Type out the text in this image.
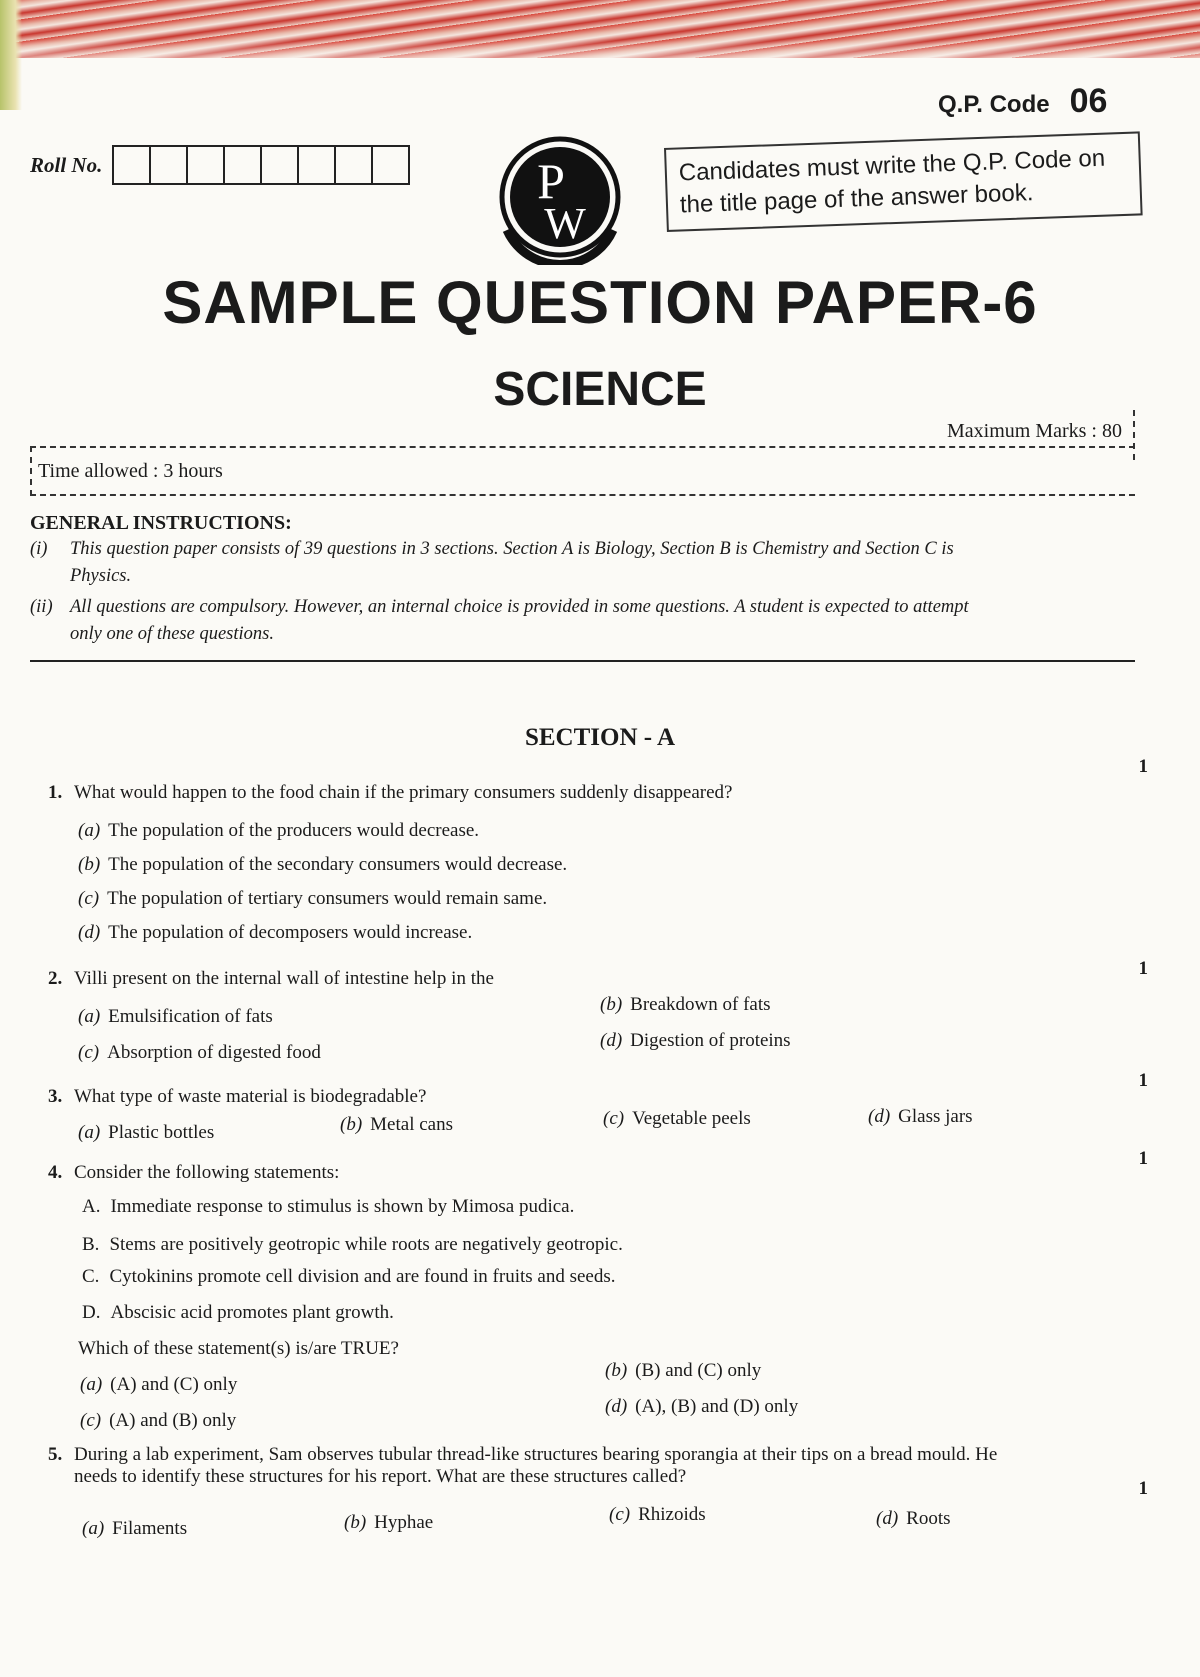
Q.P. Code 06
Roll No.	P
W
Candidates must write the Q.P. Code on the title page of the answer book.
SAMPLE QUESTION PAPER-6
SCIENCE
Time allowed : 3 hours
Maximum Marks : 80
GENERAL INSTRUCTIONS:
(i) This question paper consists of 39 questions in 3 sections. Section A is Biology, Section B is Chemistry and Section C is
Physics.
(ii) All questions are compulsory. However, an internal choice is provided in some questions. A student is expected to attempt
only one of these questions.
SECTION - A
1. What would happen to the food chain if the primary consumers suddenly disappeared?
1
(a) The population of the producers would decrease.
(b) The population of the secondary consumers would decrease.
(c) The population of tertiary consumers would remain same.
(d) The population of decomposers would increase.
2. Villi present on the internal wall of intestine help in the	1
(a) Emulsification of fats
(b) Breakdown of fats
(c) Absorption of digested food
(d) Digestion of proteins
3. What type of waste material is biodegradable?
1
(a) Plastic bottles	(b) Metal cans	(c) Vegetable peels	(d) Glass jars
4. Consider the following statements:
1
A. Immediate response to stimulus is shown by Mimosa pudica.
B. Stems are positively geotropic while roots are negatively geotropic.
C. Cytokinins promote cell division and are found in fruits and seeds.
D. Abscisic acid promotes plant growth.
Which of these statement(s) is/are TRUE?
(a) (A) and (C) only
(b) (B) and (C) only
(c) (A) and (B) only
(d) (A), (B) and (D) only
5. During a lab experiment, Sam observes tubular thread-like structures bearing sporangia at their tips on a bread mould. He
needs to identify these structures for his report. What are these structures called?
1
(a) Filaments	(b) Hyphae	(c) Rhizoids	(d) Roots
